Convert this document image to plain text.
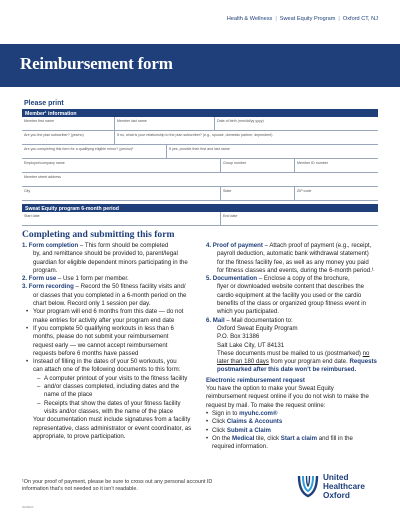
Health & Wellness | Sweat Equity Program | Oxford CT, NJ
Reimbursement form
Please print
Member¹ information
Member first name	Member last name	Date of birth (mm/dd/yy yyyy)
Are you the plan subscriber? (yes/no)	If no, what is your relationship to the plan subscriber? (e.g., spouse, domestic partner, dependent)
Are you completing this form for a qualifying eligible minor? (yes/no)*	If yes, provide their first and last name
Employer/company name	Group number	Member ID number
Member street address
City	State	ZIP code
Sweat Equity program 6-month period
Start date	End date
Completing and submitting this form

1. Form completion – This form should be completed

by, and remittance should be provided to, parent/legal

guardian for eligible dependent minors participating in the

program.

2. Form use – Use 1 form per member.

3. Form recording – Record the 50 fitness facility visits and/

or classes that you completed in a 6-month period on the

chart below. Record only 1 session per day.

• Your program will end 6 months from this date — do not

make entries for activity after your program end date

• If you complete 50 qualifying workouts in less than 6

months, please do not submit your reimbursement

request early — we cannot accept reimbursement

requests before 6 months have passed

• Instead of filling in the dates of your 50 workouts, you

can attach one of the following documents to this form:

– A computer printout of your visits to the fitness facility

– and/or classes completed, including dates and the

name of the place

– Receipts that show the dates of your fitness facility

visits and/or classes, with the name of the place

Your documentation must include signatures from a facility

representative, class administrator or event coordinator, as

appropriate, to prove participation.

4. Proof of payment – Attach proof of payment (e.g., receipt,

payroll deduction, automatic bank withdrawal statement)

for the fitness facility fee, as well as any money you paid

for fitness classes and events, during the 6-month period.¹

5. Documentation – Enclose a copy of the brochure,

flyer or downloaded website content that describes the

cardio equipment at the facility you used or the cardio

benefits of the class or organized group fitness event in

which you participated.

6. Mail – Mail documentation to:

Oxford Sweat Equity Program

P.O. Box 31386

Salt Lake City, UT 84131

These documents must be mailed to us (postmarked) no

later than 180 days from your program end date. Requests

postmarked after this date won’t be reimbursed.

Electronic reimbursement request

You have the option to make your Sweat Equity

reimbursement request online if you do not wish to make the

request by mail. To make the request online:

• Sign in to myuhc.com®

• Click Claims & Accounts

• Click Submit a Claim

• On the Medical tile, click Start a claim and fill in the

required information.

¹On your proof of payment, please be sure to cross out any personal account ID

information that’s not needed so it isn’t readable.

0x000x0
United
Healthcare
Oxford
